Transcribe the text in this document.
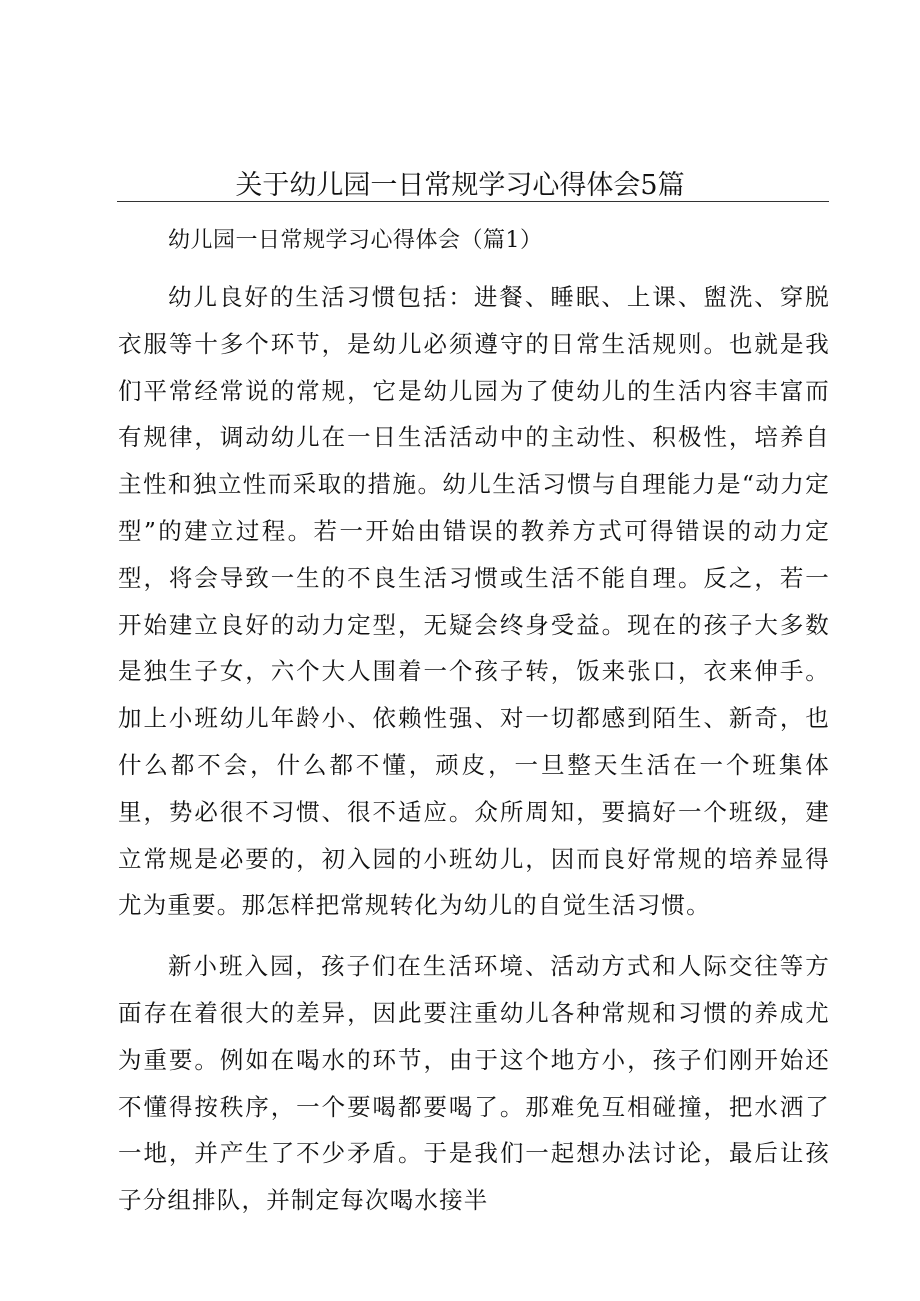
关于幼儿园一日常规学习心得体会5篇

幼儿园一日常规学习心得体会（篇1）

幼儿良好的生活习惯包括：进餐、睡眠、上课、盥洗、穿脱衣服等十多个环节，是幼儿必须遵守的日常生活规则。也就是我们平常经常说的常规，它是幼儿园为了使幼儿的生活内容丰富而有规律，调动幼儿在一日生活活动中的主动性、积极性，培养自主性和独立性而采取的措施。幼儿生活习惯与自理能力是“动力定型”的建立过程。若一开始由错误的教养方式可得错误的动力定型，将会导致一生的不良生活习惯或生活不能自理。反之，若一开始建立良好的动力定型，无疑会终身受益。现在的孩子大多数是独生子女，六个大人围着一个孩子转，饭来张口，衣来伸手。加上小班幼儿年龄小、依赖性强、对一切都感到陌生、新奇，也什么都不会，什么都不懂，顽皮，一旦整天生活在一个班集体里，势必很不习惯、很不适应。众所周知，要搞好一个班级，建立常规是必要的，初入园的小班幼儿，因而良好常规的培养显得尤为重要。那怎样把常规转化为幼儿的自觉生活习惯。

新小班入园，孩子们在生活环境、活动方式和人际交往等方面存在着很大的差异，因此要注重幼儿各种常规和习惯的养成尤为重要。例如在喝水的环节，由于这个地方小，孩子们刚开始还不懂得按秩序，一个要喝都要喝了。那难免互相碰撞，把水洒了一地，并产生了不少矛盾。于是我们一起想办法讨论，最后让孩子分组排队，并制定每次喝水接半
